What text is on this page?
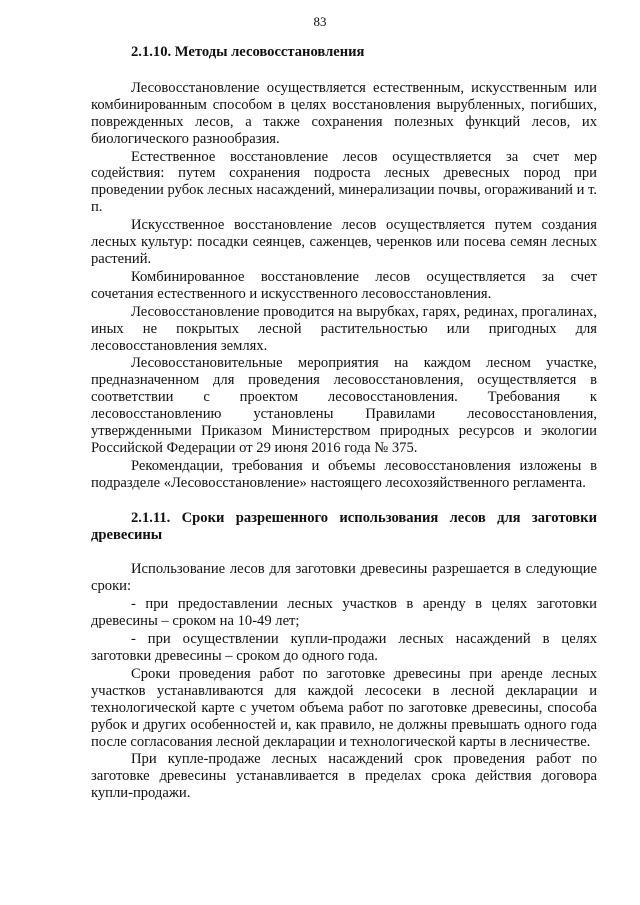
83
2.1.10. Методы лесовосстановления

Лесовосстановление осуществляется естественным, искусственным или комбинированным способом в целях восстановления вырубленных, погибших, поврежденных лесов, а также сохранения полезных функций лесов, их биологического разнообразия.

Естественное восстановление лесов осуществляется за счет мер содействия: путем сохранения подроста лесных древесных пород при проведении рубок лесных насаждений, минерализации почвы, огораживаний и т. п.

Искусственное восстановление лесов осуществляется путем создания лесных культур: посадки сеянцев, саженцев, черенков или посева семян лесных растений.

Комбинированное восстановление лесов осуществляется за счет сочетания естественного и искусственного лесовосстановления.

Лесовосстановление проводится на вырубках, гарях, рединах, прогалинах, иных не покрытых лесной растительностью или пригодных для лесовосстановления землях.

Лесовосстановительные мероприятия на каждом лесном участке, предназначенном для проведения лесовосстановления, осуществляется в соответствии с проектом лесовосстановления. Требования к лесовосстановлению установлены Правилами лесовосстановления, утвержденными Приказом Министерством природных ресурсов и экологии Российской Федерации от 29 июня 2016 года № 375.

Рекомендации, требования и объемы лесовосстановления изложены в подразделе «Лесовосстановление» настоящего лесохозяйственного регламента.

2.1.11. Сроки разрешенного использования лесов для заготовки древесины

Использование лесов для заготовки древесины разрешается в следующие сроки:

- при предоставлении лесных участков в аренду в целях заготовки древесины – сроком на 10-49 лет;

- при осуществлении купли-продажи лесных насаждений в целях заготовки древесины – сроком до одного года.

Сроки проведения работ по заготовке древесины при аренде лесных участков устанавливаются для каждой лесосеки в лесной декларации и технологической карте с учетом объема работ по заготовке древесины, способа рубок и других особенностей и, как правило, не должны превышать одного года после согласования лесной декларации и технологической карты в лесничестве.

При купле-продаже лесных насаждений срок проведения работ по заготовке древесины устанавливается в пределах срока действия договора купли-продажи.
